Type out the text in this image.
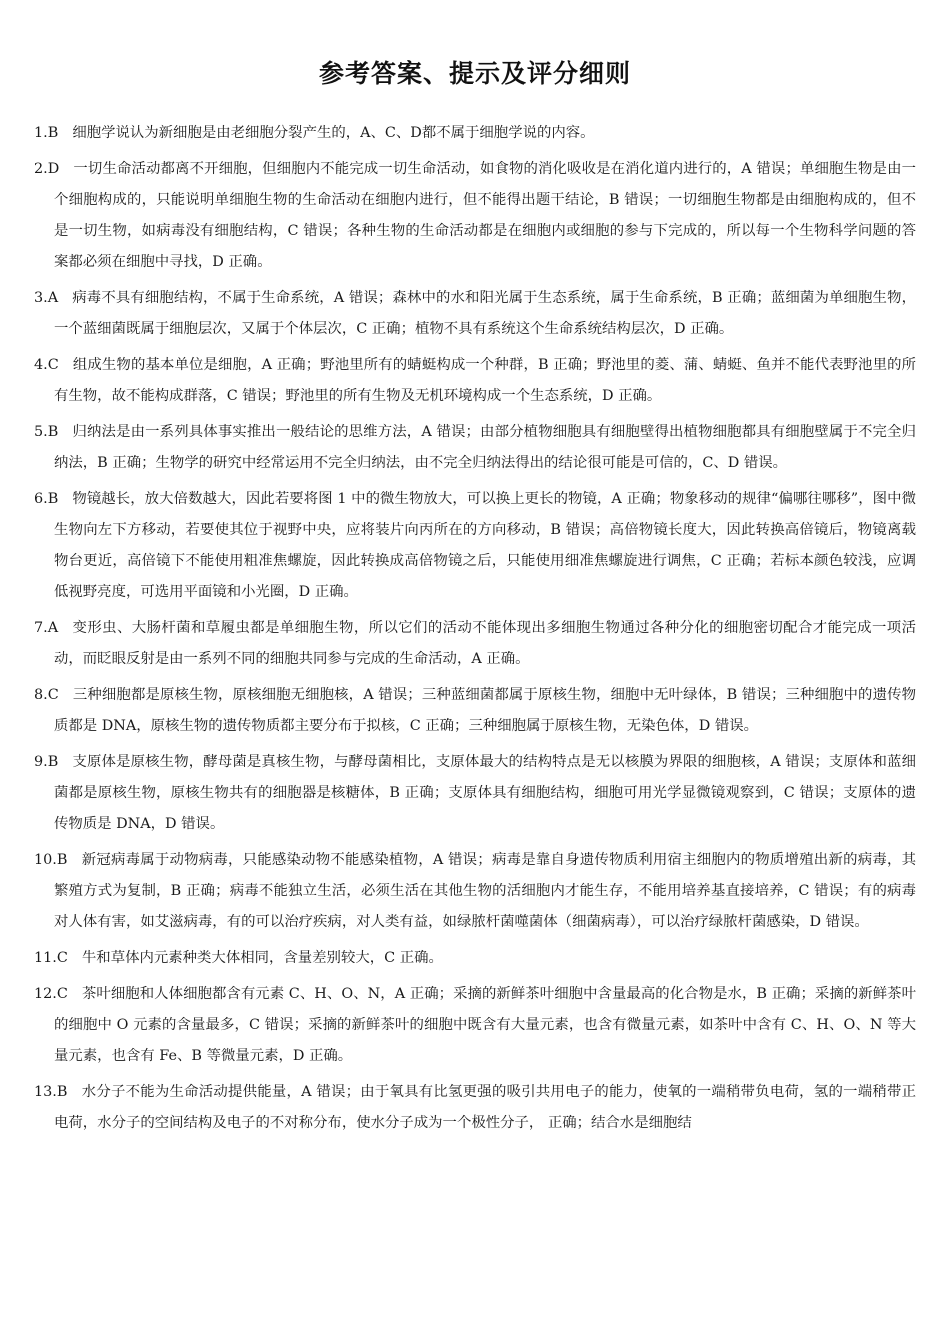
参考答案、提示及评分细则

1.B 细胞学说认为新细胞是由老细胞分裂产生的，A、C、D都不属于细胞学说的内容。

2.D 一切生命活动都离不开细胞，但细胞内不能完成一切生命活动，如食物的消化吸收是在消化道内进行的，A 错误；单细胞生物是由一个细胞构成的，只能说明单细胞生物的生命活动在细胞内进行，但不能得出题干结论，B 错误；一切细胞生物都是由细胞构成的，但不是一切生物，如病毒没有细胞结构，C 错误；各种生物的生命活动都是在细胞内或细胞的参与下完成的，所以每一个生物科学问题的答案都必须在细胞中寻找，D 正确。

3.A 病毒不具有细胞结构，不属于生命系统，A 错误；森林中的水和阳光属于生态系统，属于生命系统，B 正确；蓝细菌为单细胞生物，一个蓝细菌既属于细胞层次，又属于个体层次，C 正确；植物不具有系统这个生命系统结构层次，D 正确。

4.C 组成生物的基本单位是细胞，A 正确；野池里所有的蜻蜓构成一个种群，B 正确；野池里的菱、蒲、蜻蜓、鱼并不能代表野池里的所有生物，故不能构成群落，C 错误；野池里的所有生物及无机环境构成一个生态系统，D 正确。

5.B 归纳法是由一系列具体事实推出一般结论的思维方法，A 错误；由部分植物细胞具有细胞壁得出植物细胞都具有细胞壁属于不完全归纳法，B 正确；生物学的研究中经常运用不完全归纳法，由不完全归纳法得出的结论很可能是可信的，C、D 错误。

6.B 物镜越长，放大倍数越大，因此若要将图 1 中的微生物放大，可以换上更长的物镜，A 正确；物象移动的规律“偏哪往哪移”，图中微生物向左下方移动，若要使其位于视野中央，应将装片向丙所在的方向移动，B 错误；高倍物镜长度大，因此转换高倍镜后，物镜离载物台更近，高倍镜下不能使用粗准焦螺旋，因此转换成高倍物镜之后，只能使用细准焦螺旋进行调焦，C 正确；若标本颜色较浅，应调低视野亮度，可选用平面镜和小光圈，D 正确。

7.A 变形虫、大肠杆菌和草履虫都是单细胞生物，所以它们的活动不能体现出多细胞生物通过各种分化的细胞密切配合才能完成一项活动，而眨眼反射是由一系列不同的细胞共同参与完成的生命活动，A 正确。

8.C 三种细胞都是原核生物，原核细胞无细胞核，A 错误；三种蓝细菌都属于原核生物，细胞中无叶绿体，B 错误；三种细胞中的遗传物质都是 DNA，原核生物的遗传物质都主要分布于拟核，C 正确；三种细胞属于原核生物，无染色体，D 错误。

9.B 支原体是原核生物，酵母菌是真核生物，与酵母菌相比，支原体最大的结构特点是无以核膜为界限的细胞核，A 错误；支原体和蓝细菌都是原核生物，原核生物共有的细胞器是核糖体，B 正确；支原体具有细胞结构，细胞可用光学显微镜观察到，C 错误；支原体的遗传物质是 DNA，D 错误。

10.B 新冠病毒属于动物病毒，只能感染动物不能感染植物，A 错误；病毒是靠自身遗传物质利用宿主细胞内的物质增殖出新的病毒，其繁殖方式为复制，B 正确；病毒不能独立生活，必须生活在其他生物的活细胞内才能生存，不能用培养基直接培养，C 错误；有的病毒对人体有害，如艾滋病毒，有的可以治疗疾病，对人类有益，如绿脓杆菌噬菌体（细菌病毒），可以治疗绿脓杆菌感染，D 错误。

11.C 牛和草体内元素种类大体相同，含量差别较大，C 正确。

12.C 茶叶细胞和人体细胞都含有元素 C、H、O、N，A 正确；采摘的新鲜茶叶细胞中含量最高的化合物是水，B 正确；采摘的新鲜茶叶的细胞中 O 元素的含量最多，C 错误；采摘的新鲜茶叶的细胞中既含有大量元素，也含有微量元素，如茶叶中含有 C、H、O、N 等大量元素，也含有 Fe、B 等微量元素，D 正确。

13.B 水分子不能为生命活动提供能量，A 错误；由于氧具有比氢更强的吸引共用电子的能力，使氧的一端稍带负电荷，氢的一端稍带正电荷，水分子的空间结构及电子的不对称分布，使水分子成为一个极性分子， 正确；结合水是细胞结
